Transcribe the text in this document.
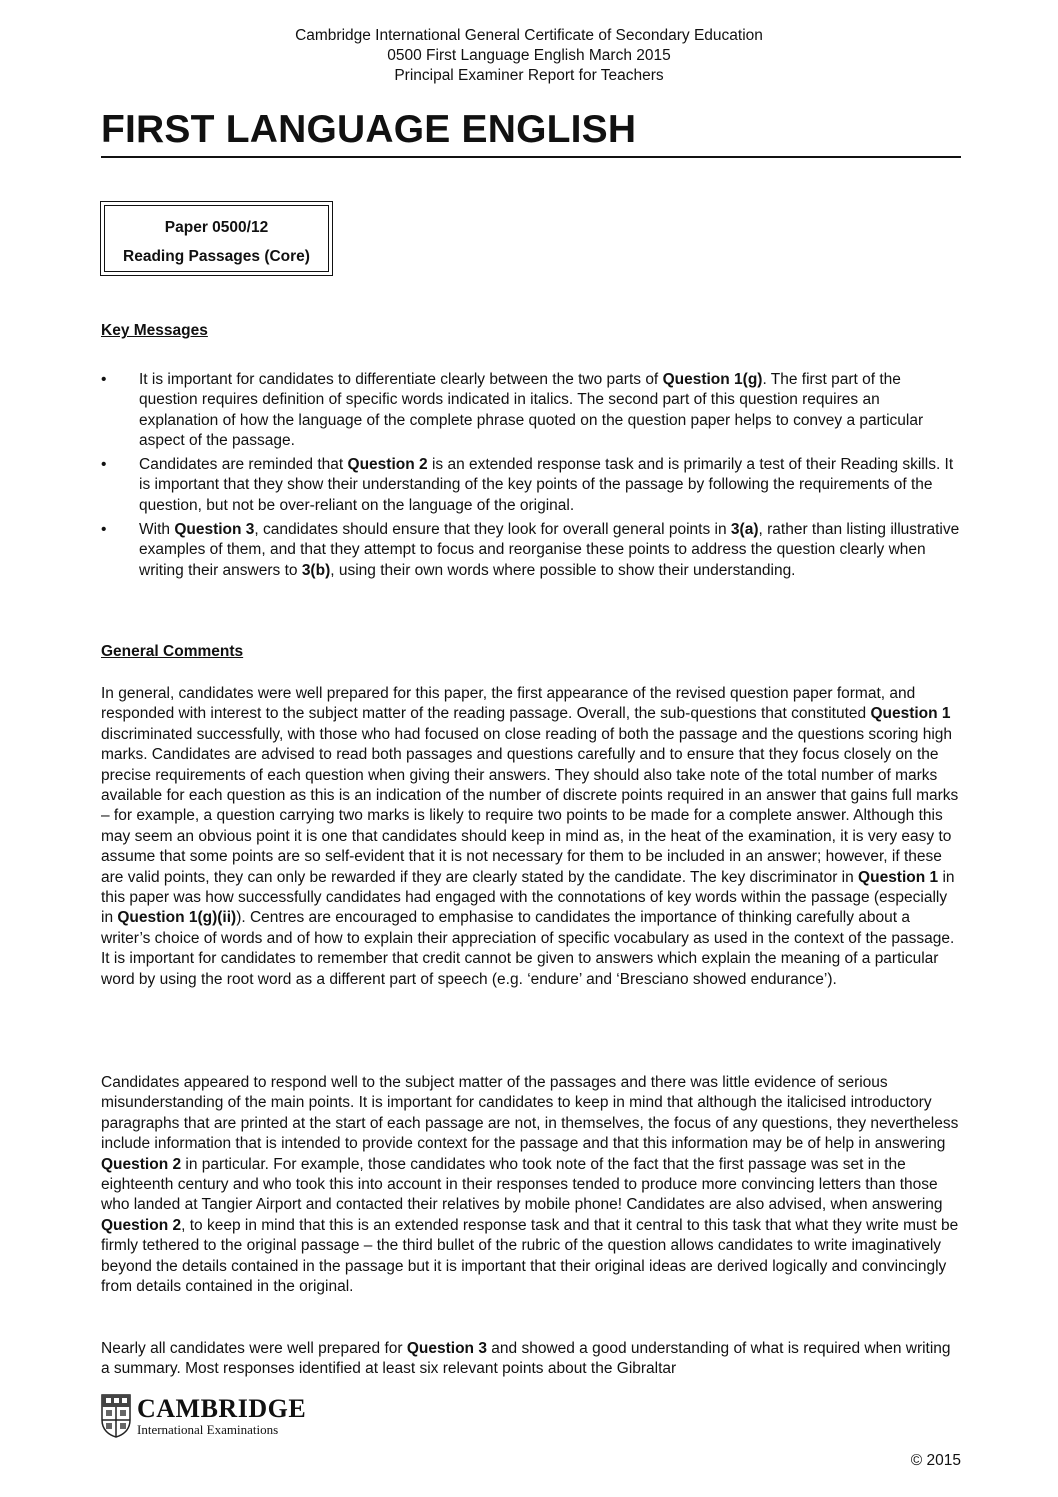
Cambridge International General Certificate of Secondary Education
0500 First Language English March 2015
Principal Examiner Report for Teachers
FIRST LANGUAGE ENGLISH
Paper 0500/12
Reading Passages (Core)
Key Messages
• It is important for candidates to differentiate clearly between the two parts of Question 1(g). The first part of the question requires definition of specific words indicated in italics. The second part of this question requires an explanation of how the language of the complete phrase quoted on the question paper helps to convey a particular aspect of the passage.
• Candidates are reminded that Question 2 is an extended response task and is primarily a test of their Reading skills. It is important that they show their understanding of the key points of the passage by following the requirements of the question, but not be over-reliant on the language of the original.
• With Question 3, candidates should ensure that they look for overall general points in 3(a), rather than listing illustrative examples of them, and that they attempt to focus and reorganise these points to address the question clearly when writing their answers to 3(b), using their own words where possible to show their understanding.
General Comments

In general, candidates were well prepared for this paper, the first appearance of the revised question paper format, and responded with interest to the subject matter of the reading passage. Overall, the sub-questions that constituted Question 1 discriminated successfully, with those who had focused on close reading of both the passage and the questions scoring high marks. Candidates are advised to read both passages and questions carefully and to ensure that they focus closely on the precise requirements of each question when giving their answers. They should also take note of the total number of marks available for each question as this is an indication of the number of discrete points required in an answer that gains full marks – for example, a question carrying two marks is likely to require two points to be made for a complete answer. Although this may seem an obvious point it is one that candidates should keep in mind as, in the heat of the examination, it is very easy to assume that some points are so self-evident that it is not necessary for them to be included in an answer; however, if these are valid points, they can only be rewarded if they are clearly stated by the candidate. The key discriminator in Question 1 in this paper was how successfully candidates had engaged with the connotations of key words within the passage (especially in Question 1(g)(ii)). Centres are encouraged to emphasise to candidates the importance of thinking carefully about a writer’s choice of words and of how to explain their appreciation of specific vocabulary as used in the context of the passage. It is important for candidates to remember that credit cannot be given to answers which explain the meaning of a particular word by using the root word as a different part of speech (e.g. ‘endure’ and ‘Bresciano showed endurance’).

Candidates appeared to respond well to the subject matter of the passages and there was little evidence of serious misunderstanding of the main points. It is important for candidates to keep in mind that although the italicised introductory paragraphs that are printed at the start of each passage are not, in themselves, the focus of any questions, they nevertheless include information that is intended to provide context for the passage and that this information may be of help in answering Question 2 in particular. For example, those candidates who took note of the fact that the first passage was set in the eighteenth century and who took this into account in their responses tended to produce more convincing letters than those who landed at Tangier Airport and contacted their relatives by mobile phone! Candidates are also advised, when answering Question 2, to keep in mind that this is an extended response task and that it central to this task that what they write must be firmly tethered to the original passage – the third bullet of the rubric of the question allows candidates to write imaginatively beyond the details contained in the passage but it is important that their original ideas are derived logically and convincingly from details contained in the original.

Nearly all candidates were well prepared for Question 3 and showed a good understanding of what is required when writing a summary. Most responses identified at least six relevant points about the Gibraltar

CAMBRIDGE
International Examinations
© 2015
